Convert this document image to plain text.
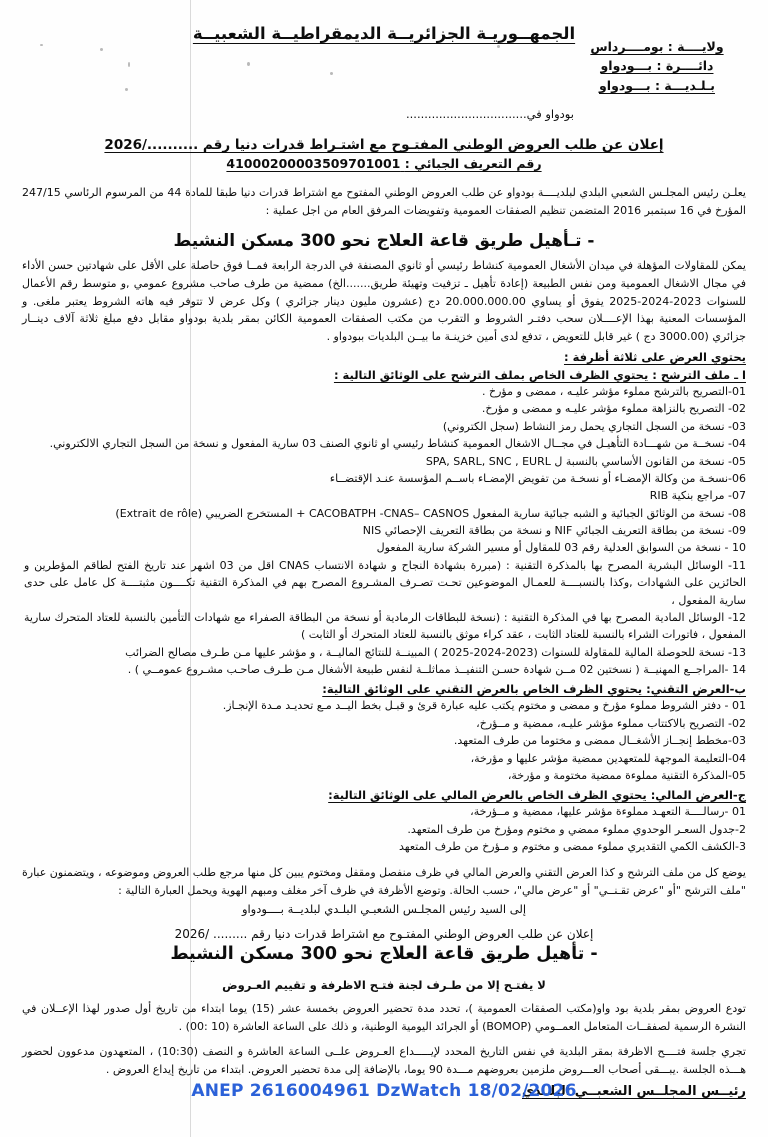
الجمهــوريـة الجزائريــة الديمقراطيــة الشعبيــة
ولايــــة : بومــــرداس
دائــــرة : بـــودواو
بـلـديـــة : بـــودواو
بودواو في.................................
إعلان عن طلب العروض الوطني المفتـوح مع اشتـراط قدرات دنيا رقم ........../2026
رقم التعريف الجبائي : 41000200003509701001
يعلـن رئيس المجلـس الشعبي البلدي لبلديــــة بودواو عن طلب العروض الوطني المفتوح مع اشتراط قدرات دنيا طبقا للمادة 44 من المرسوم الرئاسي 247/15 المؤرخ في 16 سبتمبر 2016 المتضمن تنظيم الصفقات العمومية وتفويضات المرفق العام من اجل عملية :
- تـأهيل طريق قاعة العلاج نحو 300 مسكن النشيط
يمكن للمقاولات المؤهلة في ميدان الأشغال العمومية كنشاط رئيسي أو ثانوي المصنفة في الدرجة الرابعة فمــا فوق حاصلة على الأقل على شهادتين حسن الأداء في مجال الاشغال العمومية ومن نفس الطبيعة (إعادة تأهيل ـ تزفيت وتهيئة طريق.......الخ) ممضية من طرف صاحب مشروع عمومي ,و متوسط رقم الأعمال للسنوات 2023-2024-2025 يفوق أو يساوي 20.000.000.00 دج (عشرون مليون دينار جزائري ) وكل عرض لا تتوفر فيه هاته الشروط يعتبر ملغى. و المؤسسات المعنية بهذا الإعــــلان سحب دفتـر الشروط و التقرب من مكتب الصفقات العمومية الكائن بمقر بلدية بودواو مقابل دفع مبلغ ثلاثة آلاف دينــار جزائري (3000.00 دج ) غير قابل للتعويض ، تدفع لدى أمين خزينـة ما بيــن البلديات ببودواو .
يحتوي العرض على ثلاثة أظرفة :
ا ـ ملف الترشح : يحتوي الظرف الخاص بملف الترشح على الوثائق التالية :
01-التصريح بالترشح مملوء مؤشر عليـه ، ممضى و مؤرخ .
02- التصريح بالنزاهة مملوء مؤشر عليـه و ممضى و مؤرخ.
03- نسخة من السجل التجاري يحمل رمز النشاط (سجل الكتروني)
04- نسخــة من شهـــادة التأهيـل في مجــال الاشغال العمومية كنشاط رئيسي او ثانوي الصنف 03 سارية المفعول و نسخة من السجل التجاري الالكتروني.
05- نسخة من القانون الأساسي بالنسبة ل SPA, SARL, SNC , EURL
06-نسخـة من وكالة الإمضـاء أو نسخـة من تفويض الإمضـاء باســم المؤسسة عنـد الإقتضــاء
07- مراجع بنكية RIB
08- نسخة من الوثائق الجبائية و الشبه جبائية سارية المفعول CACOBATPH -CNAS– CASNOS + المستخرج الضريبي (Extrait de rôle)
09- نسخة من بطاقة التعريف الجبائي NIF و نسخة من بطاقة التعريف الإحصائي NIS
10 - نسخة من السوابق العدلية رقم 03 للمقاول أو مسير الشركة سارية المفعول
11- الوسائل البشرية المصرح بها بالمذكرة التقنية : (مبررة بشهادة النجاح و شهادة الانتساب CNAS اقل من 03 اشهر عند تاريخ الفتح لطاقم المؤطرين و الحائزين على الشهادات ,وكذا بالنسبــــة للعمـال الموضوعين تحـت تصـرف المشـروع المصرح بهم في المذكرة التقنية تكــــون مثبتــــة كل عامل على حدى سارية المفعول ،
12- الوسائل المادية المصرح بها في المذكرة التقنية : (نسخة للبطاقات الرمادية أو نسخة من البطاقة الصفراء مع شهادات التأمين بالنسبة للعتاد المتحرك سارية المفعول ، فاتورات الشراء بالنسبة للعتاد الثابت ، عقد كراء موثق بالنسبة للعتاد المتحرك أو الثابت )
13- نسخة للحوصلة المالية للمقاولة للسنوات (2023-2024-2025 ) المبينــة للنتائج الماليــة ، و مؤشر عليها مـن طـرف مصالح الضرائب
14 -المراجــع المهنيــة ( نسختين 02 مــن شهادة حسـن التنفيــذ مماثلــة لنفس طبيعة الأشغال مـن طـرف صاحـب مشـروع عمومــي ) .
ب-العرض التقني: يحتوي الظرف الخاص بالعرض التقني على الوثائق التالية:
01 - دفتر الشروط مملوء مؤرخ و ممضى و مختوم يكتب عليه عبارة قرئ و قبـل بخط اليــد مـع تحديـد مـدة الإنجـاز.
02- التصريح بالاكتتاب مملوء مؤشر عليـه، ممضية و مــؤرخ،
03-مخطط إنجــاز الأشغــال ممضى و مختوما من طرف المتعهد.
04-التعليمة الموجهة للمتعهدين ممضية مؤشر عليها و مؤرخة،
05-المذكرة التقنية مملوءة ممضية مختومة و مؤرخة،
ج-العرض المالي: يحتوي الظرف الخاص بالعرض المالي على الوثائق التالية:
01 -رسالــــة التعهـد مملوءة مؤشر عليها، ممضية و مــؤرخة،
2-جدول السعـر الوحدوي مملوء ممضي و مختوم ومؤرخ من طرف المتعهد.
3-الكشف الكمي التقديري مملوء ممضى و مختوم و مـؤرخ من طرف المتعهد
يوضع كل من ملف الترشح و كذا العرض التقني والعرض المالي في ظرف منفصل ومقفل ومختوم يبين كل منها مرجع طلب العروض وموضوعه ، ويتضمنون عبارة "ملف الترشح "أو "عرض تقـنــي" أو "عرض مالي"، حسب الحالة. وتوضع الأظرفة في ظرف آخر مغلف ومبهم الهوية ويحمل العبارة التالية :
إلى السيد رئيس المجلـس الشعبـي البلـدي لبلديــة بــــودواو
إعلان عن طلب العروض الوطني المفتـوح مع اشتراط قدرات دنيا رقم ......... /2026
- تأهيل طريق قاعة العلاج نحو 300 مسكن النشيط
لا يفتـح إلا من طـرف لجنة فتـح الاظرفة و تقييم العـروض
تودع العروض بمقر بلدية بود واو(مكتب الصفقات العمومية )، تحدد مدة تحضير العروض بخمسة عشر (15) يوما ابتداء من تاريخ أول صدور لهذا الإعــلان في النشرة الرسمية لصفقــات المتعامل العمــومي (BOMOP) أو الجرائد اليومية الوطنية، و ذلك على الساعة العاشرة (10 :00) .
تجري جلسة فتــــح الاظرفة بمقر البلدية في نفس التاريخ المحدد لإيـــــداع العـروض علــى الساعة العاشرة و النصف (10:30) ، المتعهدون مدعوون لحضور هـــذه الجلسة .يبـــقى أصحاب العـــروض ملزمين بعروضهم مـــدة 90 يوما، بالإضافة إلى مدة تحضير العروض. ابتداء من تاريخ إيداع العروض .
رئيــس المجلــس الشعبــي البلــدي
ANEP 2616004961 DzWatch 18/02/2026
